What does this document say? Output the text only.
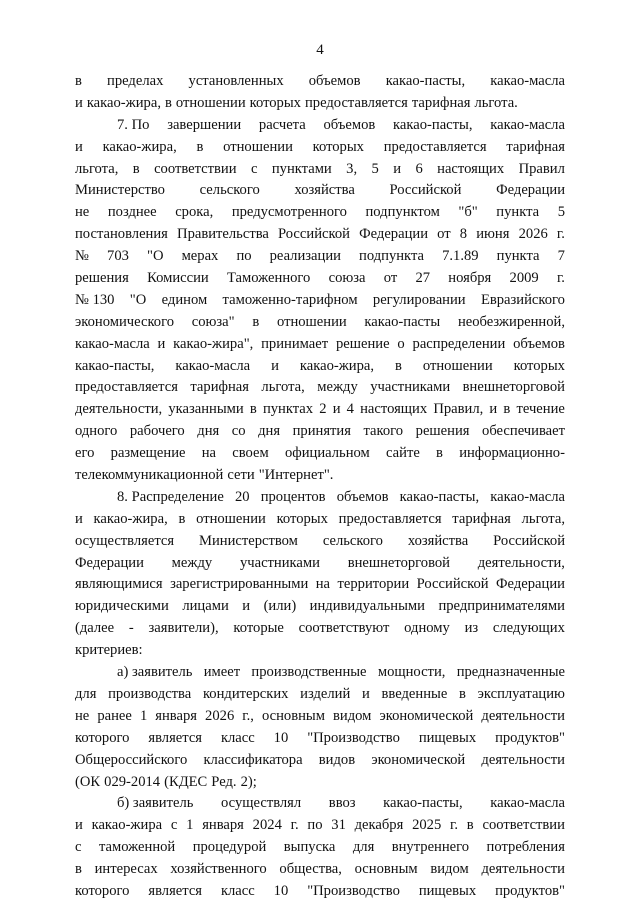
4
в пределах установленных объемов какао-пасты, какао-масла
и какао-жира, в отношении которых предоставляется тарифная льгота.
7. По завершении расчета объемов какао-пасты, какао-масла
и какао-жира, в отношении которых предоставляется тарифная
льгота, в соответствии с пунктами 3, 5 и 6 настоящих Правил
Министерство сельского хозяйства Российской Федерации
не позднее срока, предусмотренного подпунктом "б" пункта 5
постановления Правительства Российской Федерации от 8 июня 2026 г.
№ 703 "О мерах по реализации подпункта 7.1.89 пункта 7
решения Комиссии Таможенного союза от 27 ноября 2009 г.
№ 130 "О едином таможенно-тарифном регулировании Евразийского
экономического союза" в отношении какао-пасты необезжиренной,
какао-масла и какао-жира", принимает решение о распределении объемов
какао-пасты, какао-масла и какао-жира, в отношении которых
предоставляется тарифная льгота, между участниками внешнеторговой
деятельности, указанными в пунктах 2 и 4 настоящих Правил, и в течение
одного рабочего дня со дня принятия такого решения обеспечивает
его размещение на своем официальном сайте в информационно-
телекоммуникационной сети "Интернет".
8. Распределение 20 процентов объемов какао-пасты, какао-масла
и какао-жира, в отношении которых предоставляется тарифная льгота,
осуществляется Министерством сельского хозяйства Российской
Федерации между участниками внешнеторговой деятельности,
являющимися зарегистрированными на территории Российской Федерации
юридическими лицами и (или) индивидуальными предпринимателями
(далее - заявители), которые соответствуют одному из следующих
критериев:
а) заявитель имеет производственные мощности, предназначенные
для производства кондитерских изделий и введенные в эксплуатацию
не ранее 1 января 2026 г., основным видом экономической деятельности
которого является класс 10 "Производство пищевых продуктов"
Общероссийского классификатора видов экономической деятельности
(ОК 029-2014 (КДЕС Ред. 2);
б) заявитель осуществлял ввоз какао-пасты, какао-масла
и какао-жира с 1 января 2024 г. по 31 декабря 2025 г. в соответствии
с таможенной процедурой выпуска для внутреннего потребления
в интересах хозяйственного общества, основным видом деятельности
которого является класс 10 "Производство пищевых продуктов"
